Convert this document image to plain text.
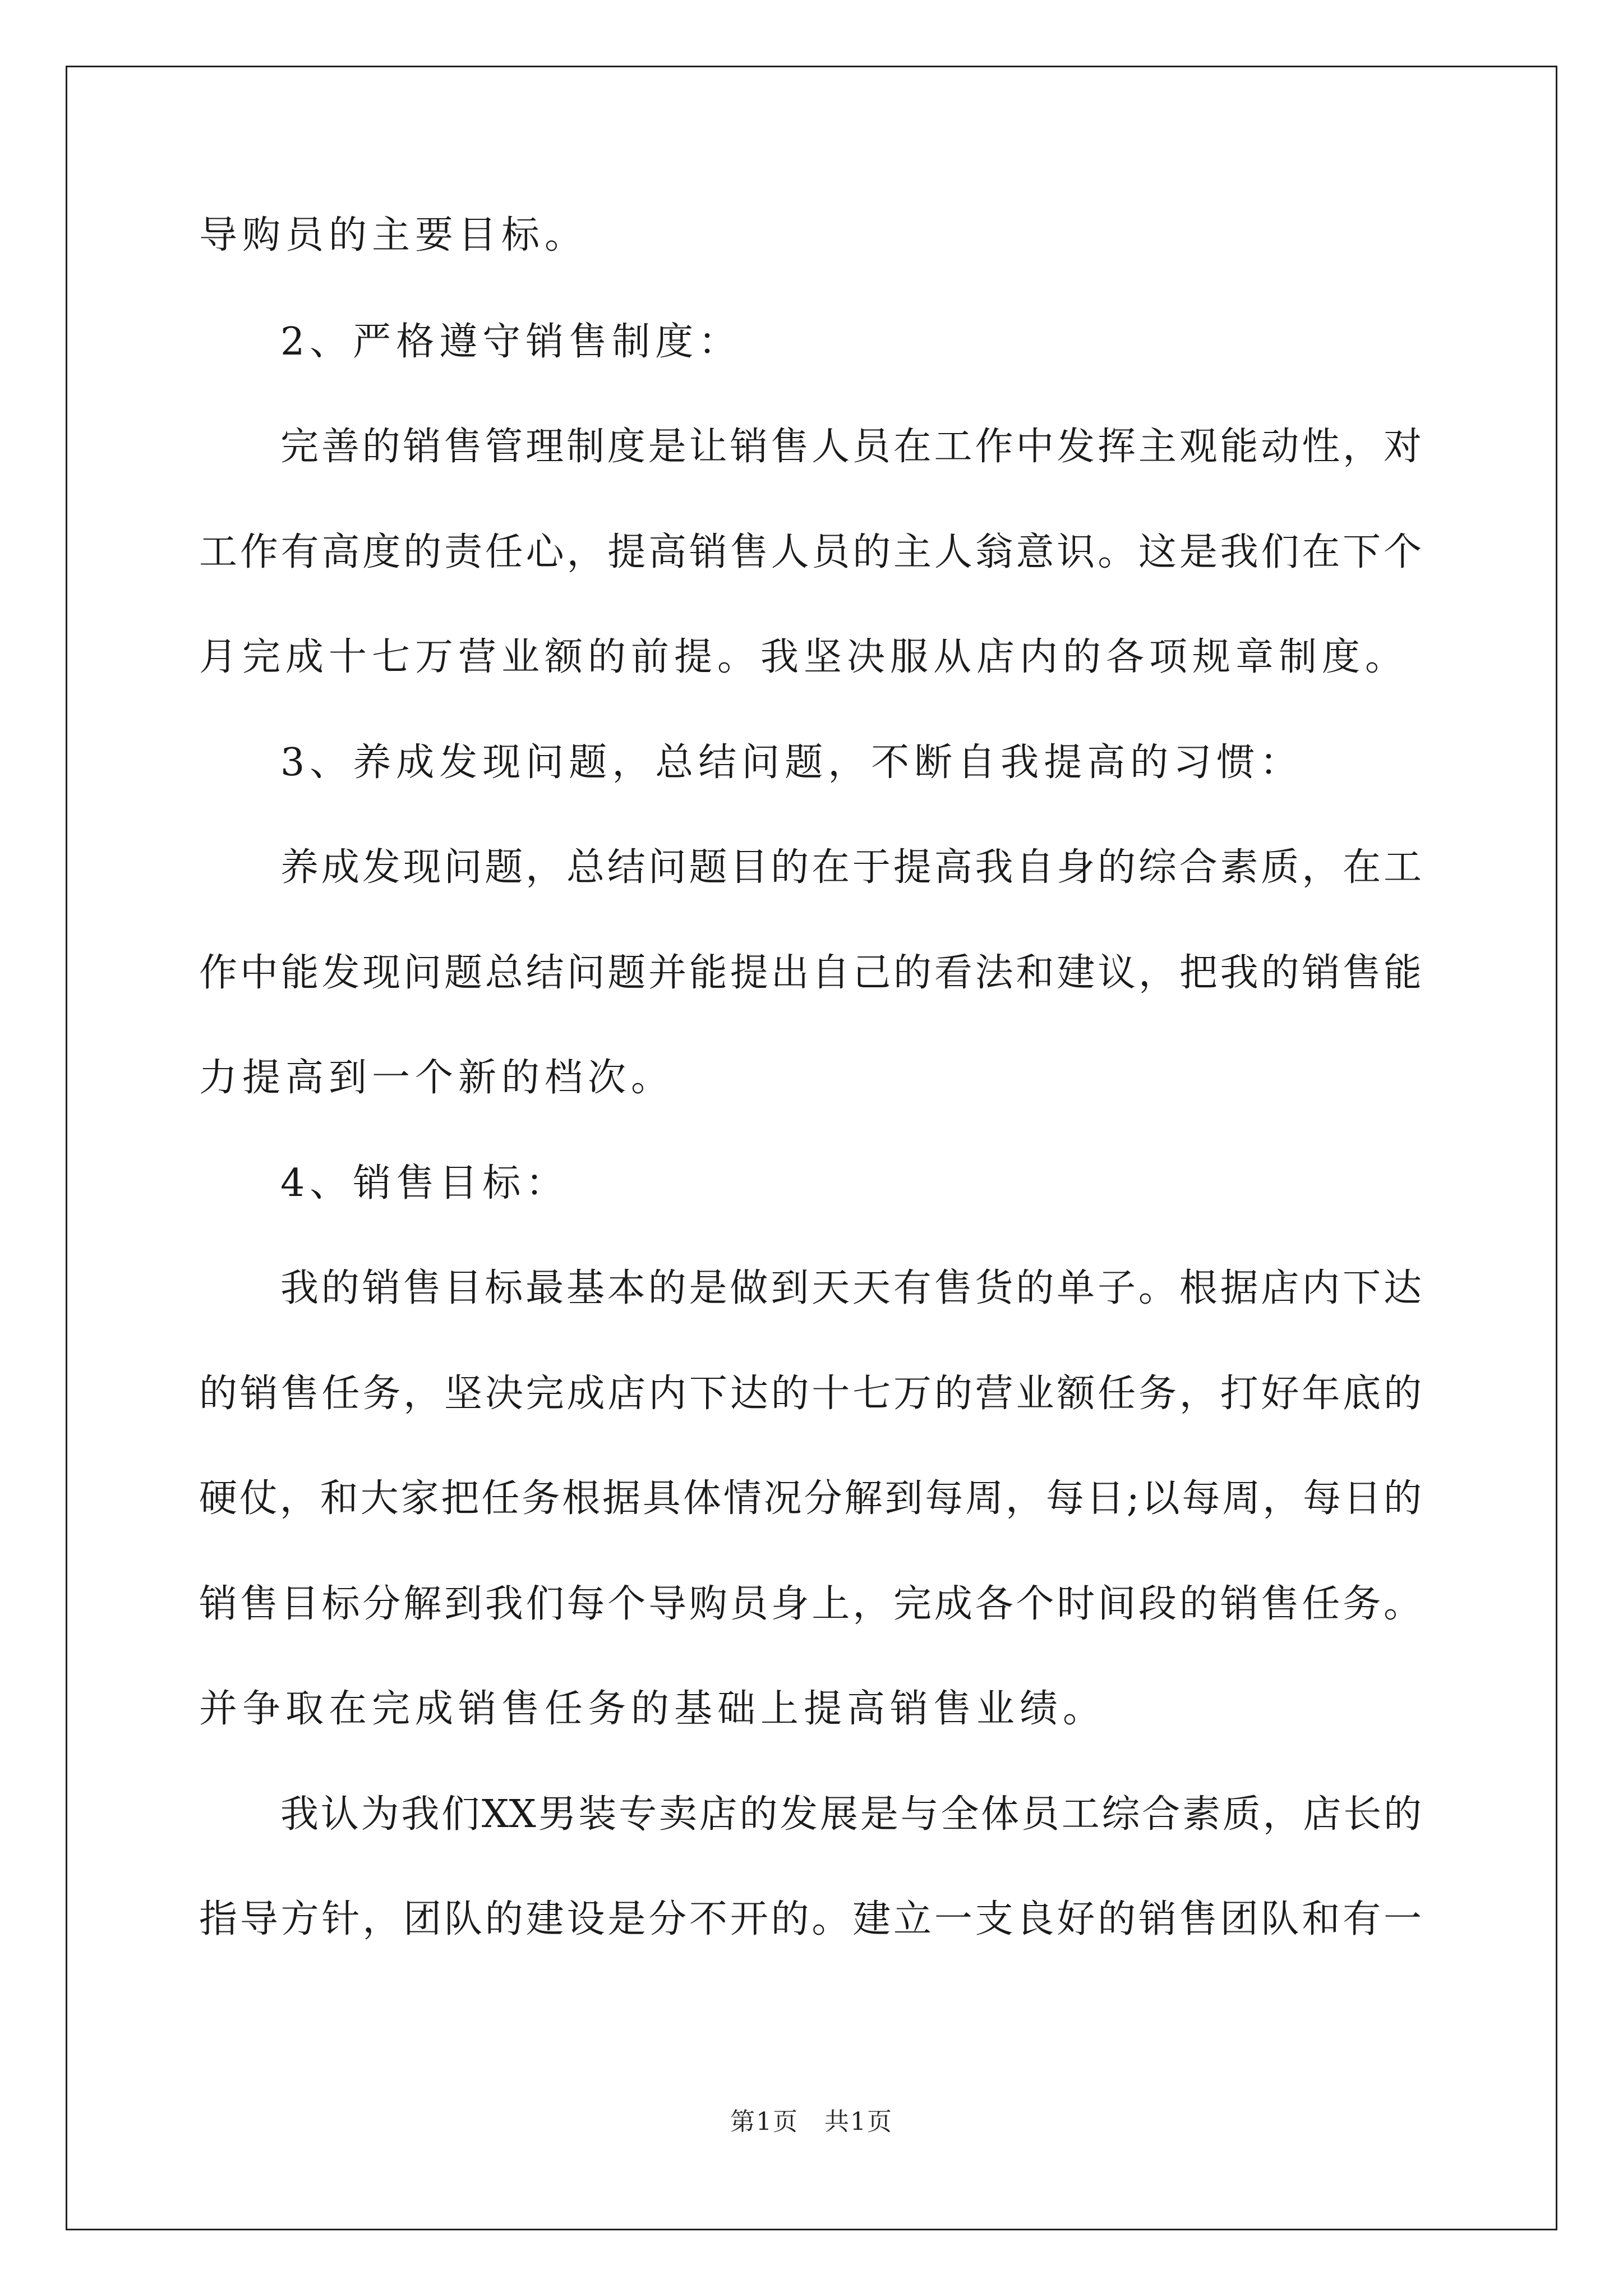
导购员的主要目标。
2、严格遵守销售制度：
完善的销售管理制度是让销售人员在工作中发挥主观能动性，对
工作有高度的责任心，提高销售人员的主人翁意识。这是我们在下个
月完成十七万营业额的前提。我坚决服从店内的各项规章制度。
3、养成发现问题，总结问题，不断自我提高的习惯：
养成发现问题，总结问题目的在于提高我自身的综合素质，在工
作中能发现问题总结问题并能提出自己的看法和建议，把我的销售能
力提高到一个新的档次。
4、销售目标：
我的销售目标最基本的是做到天天有售货的单子。根据店内下达
的销售任务，坚决完成店内下达的十七万的营业额任务，打好年底的
硬仗，和大家把任务根据具体情况分解到每周，每日;以每周，每日的
销售目标分解到我们每个导购员身上，完成各个时间段的销售任务。
并争取在完成销售任务的基础上提高销售业绩。
我认为我们XX男装专卖店的发展是与全体员工综合素质，店长的
指导方针，团队的建设是分不开的。建立一支良好的销售团队和有一
第1页　共1页
